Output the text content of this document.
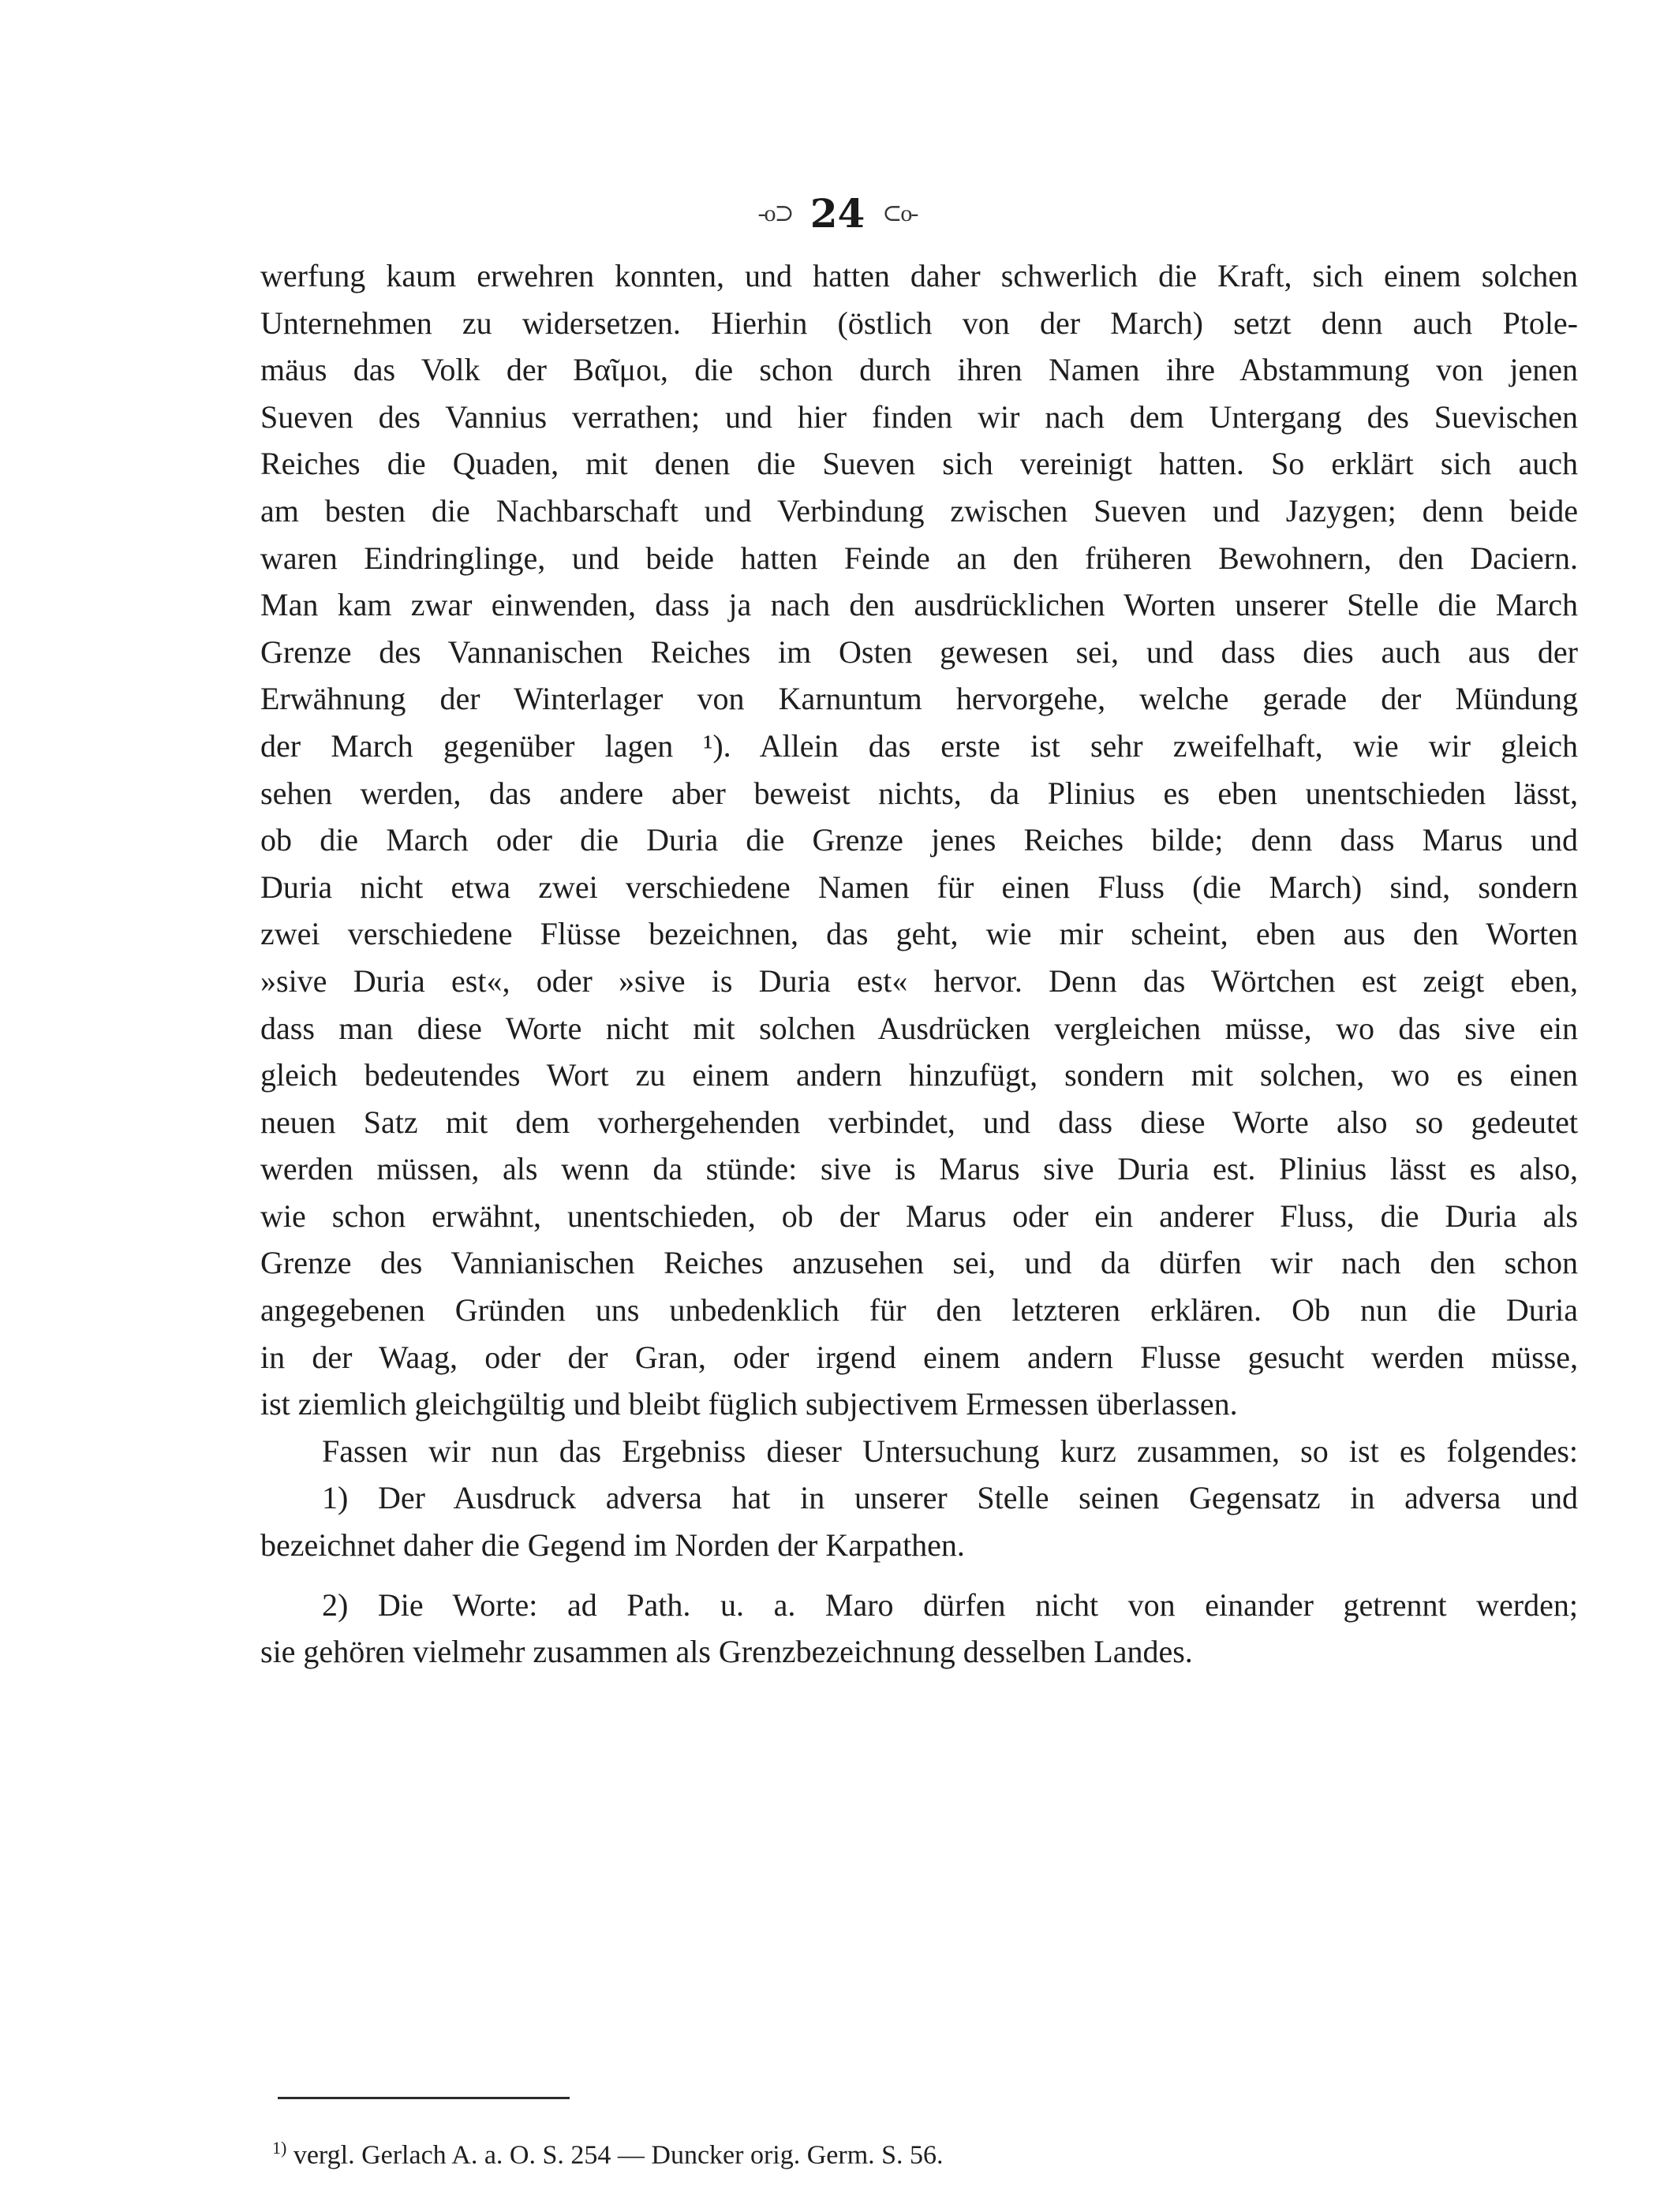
-o⊃ 24 ⊂o-
werfung kaum erwehren konnten, und hatten daher schwerlich die Kraft, sich einem solchen
Unternehmen zu widersetzen. Hierhin (östlich von der March) setzt denn auch Ptole-
mäus das Volk der Βαῖμοι, die schon durch ihren Namen ihre Abstammung von jenen
Sueven des Vannius verrathen; und hier finden wir nach dem Untergang des Suevischen
Reiches die Quaden, mit denen die Sueven sich vereinigt hatten. So erklärt sich auch
am besten die Nachbarschaft und Verbindung zwischen Sueven und Jazygen; denn beide
waren Eindringlinge, und beide hatten Feinde an den früheren Bewohnern, den Daciern.
Man kam zwar einwenden, dass ja nach den ausdrücklichen Worten unserer Stelle die March
Grenze des Vannanischen Reiches im Osten gewesen sei, und dass dies auch aus der
Erwähnung der Winterlager von Karnuntum hervorgehe, welche gerade der Mündung
der March gegenüber lagen ¹). Allein das erste ist sehr zweifelhaft, wie wir gleich
sehen werden, das andere aber beweist nichts, da Plinius es eben unentschieden lässt,
ob die March oder die Duria die Grenze jenes Reiches bilde; denn dass Marus und
Duria nicht etwa zwei verschiedene Namen für einen Fluss (die March) sind, sondern
zwei verschiedene Flüsse bezeichnen, das geht, wie mir scheint, eben aus den Worten
»sive Duria est«, oder »sive is Duria est« hervor. Denn das Wörtchen est zeigt eben,
dass man diese Worte nicht mit solchen Ausdrücken vergleichen müsse, wo das sive ein
gleich bedeutendes Wort zu einem andern hinzufügt, sondern mit solchen, wo es einen
neuen Satz mit dem vorhergehenden verbindet, und dass diese Worte also so gedeutet
werden müssen, als wenn da stünde: sive is Marus sive Duria est. Plinius lässt es also,
wie schon erwähnt, unentschieden, ob der Marus oder ein anderer Fluss, die Duria als
Grenze des Vannianischen Reiches anzusehen sei, und da dürfen wir nach den schon
angegebenen Gründen uns unbedenklich für den letzteren erklären. Ob nun die Duria
in der Waag, oder der Gran, oder irgend einem andern Flusse gesucht werden müsse,
ist ziemlich gleichgültig und bleibt füglich subjectivem Ermessen überlassen.
Fassen wir nun das Ergebniss dieser Untersuchung kurz zusammen, so ist es folgendes:
1) Der Ausdruck adversa hat in unserer Stelle seinen Gegensatz in adversa und
bezeichnet daher die Gegend im Norden der Karpathen.
2) Die Worte: ad Path. u. a. Maro dürfen nicht von einander getrennt werden;
sie gehören vielmehr zusammen als Grenzbezeichnung desselben Landes.
$^{1)}$ vergl. Gerlach A. a. O. S. 254 — Duncker orig. Germ. S. 56.
